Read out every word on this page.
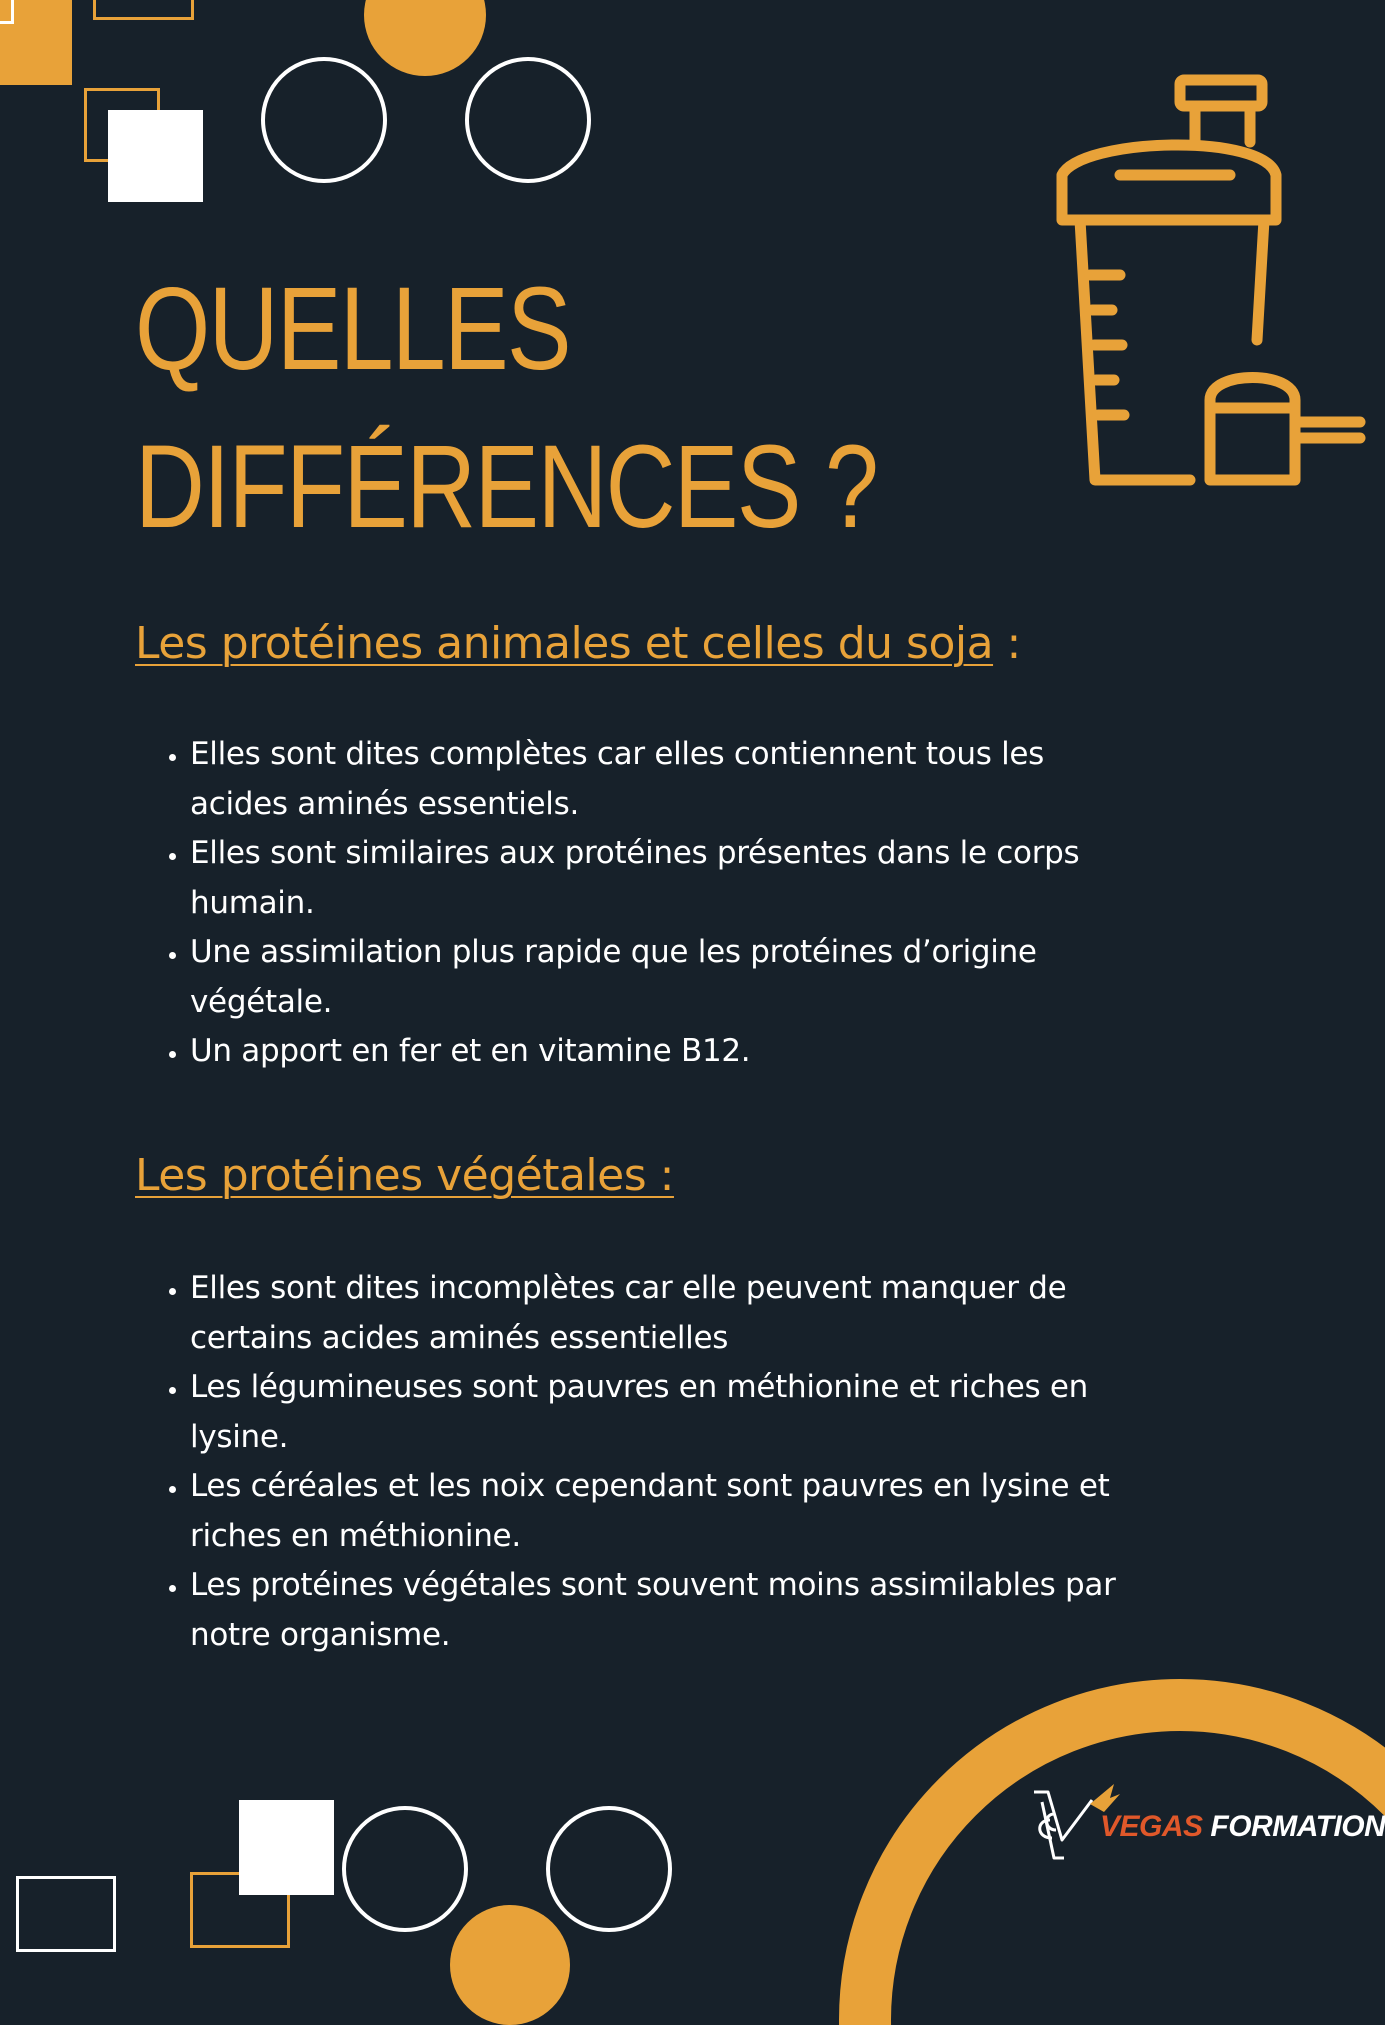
QUELLES
DIFFÉRENCES ?
Les protéines animales et celles du soja :
• Elles sont dites complètes car elles contiennent tous les acides aminés essentiels.
• Elles sont similaires aux protéines présentes dans le corps humain.
• Une assimilation plus rapide que les protéines d’origine végétale.
• Un apport en fer et en vitamine B12.
Les protéines végétales :
• Elles sont dites incomplètes car elle peuvent manquer de certains acides aminés essentielles
• Les légumineuses sont pauvres en méthionine et riches en lysine.
• Les céréales et les noix cependant sont pauvres en lysine et riches en méthionine.
• Les protéines végétales sont souvent moins assimilables par notre organisme.
VEGAS FORMATION
